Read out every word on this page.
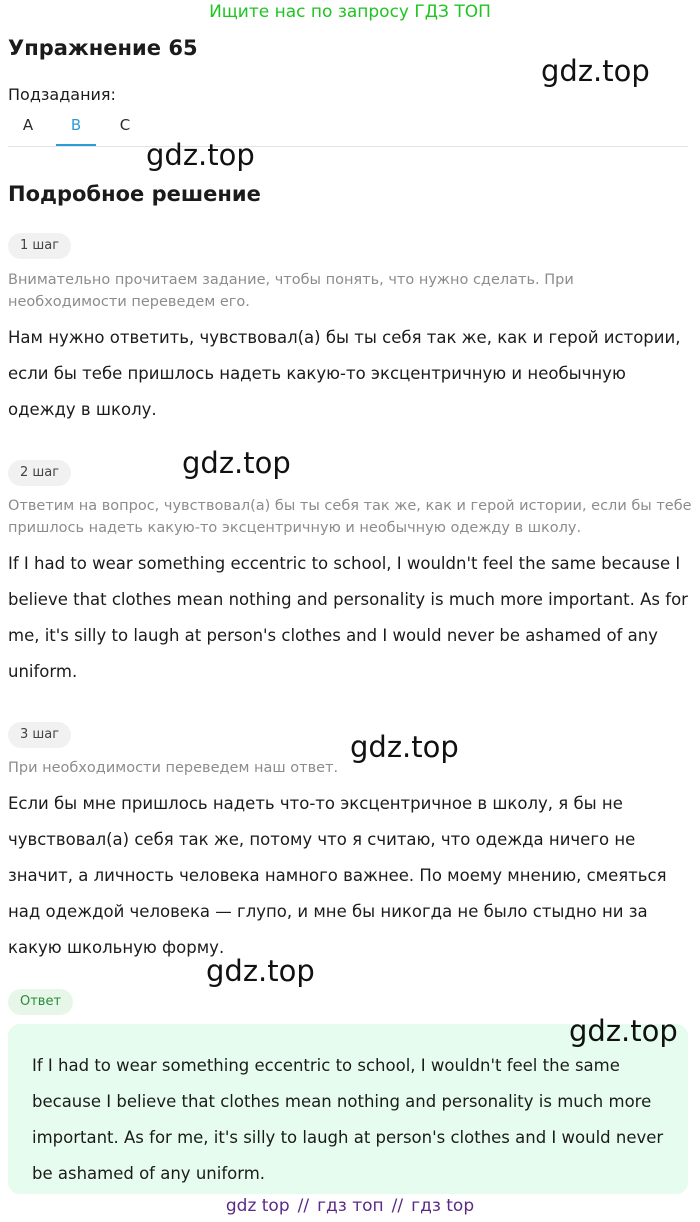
Ищите нас по запросу ГДЗ ТОП
Упражнение 65
Подзадания:
A	B	C
Подробное решение
1 шаг
Внимательно прочитаем задание, чтобы понять, что нужно сделать. При необходимости переведем его.
Нам нужно ответить, чувствовал(а) бы ты себя так же, как и герой истории, если бы тебе пришлось надеть какую-то эксцентричную и необычную одежду в школу.
2 шаг
Ответим на вопрос, чувствовал(а) бы ты себя так же, как и герой истории, если бы тебе пришлось надеть какую-то эксцентричную и необычную одежду в школу.
If I had to wear something eccentric to school, I wouldn't feel the same because I believe that clothes mean nothing and personality is much more important. As for me, it's silly to laugh at person's clothes and I would never be ashamed of any uniform.
3 шаг
При необходимости переведем наш ответ.
Если бы мне пришлось надеть что-то эксцентричное в школу, я бы не чувствовал(а) себя так же, потому что я считаю, что одежда ничего не значит, а личность человека намного важнее. По моему мнению, смеяться над одеждой человека — глупо, и мне бы никогда не было стыдно ни за какую школьную форму.
Ответ
If I had to wear something eccentric to school, I wouldn't feel the same because I believe that clothes mean nothing and personality is much more important. As for me, it's silly to laugh at person's clothes and I would never be ashamed of any uniform.
gdz.top
gdz.top
gdz.top
gdz.top
gdz.top
gdz.top
gdz top // гдз топ // гдз top
